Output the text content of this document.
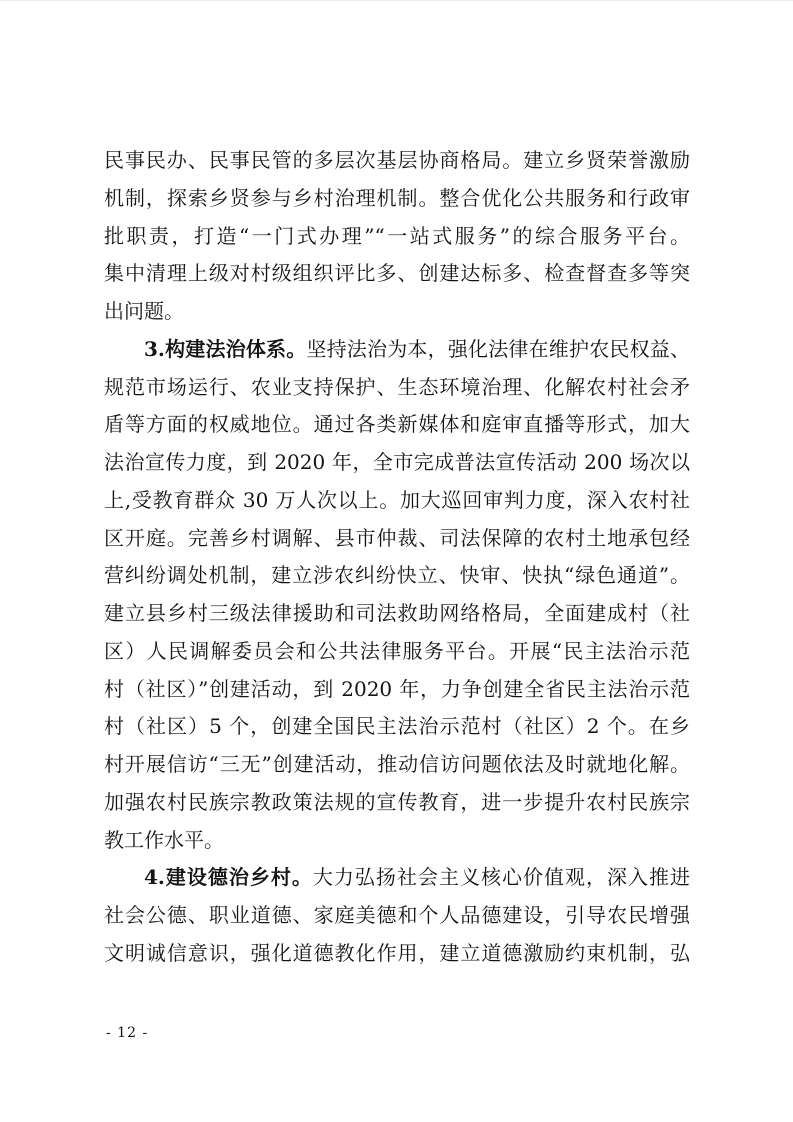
民事民办、民事民管的多层次基层协商格局。建立乡贤荣誉激励
机制，探索乡贤参与乡村治理机制。整合优化公共服务和行政审
批职责，打造“一门式办理”“一站式服务”的综合服务平台。
集中清理上级对村级组织评比多、创建达标多、检查督查多等突
出问题。
3.构建法治体系。坚持法治为本，强化法律在维护农民权益、
规范市场运行、农业支持保护、生态环境治理、化解农村社会矛
盾等方面的权威地位。通过各类新媒体和庭审直播等形式，加大
法治宣传力度，到 2020 年，全市完成普法宣传活动 200 场次以
上,受教育群众 30 万人次以上。加大巡回审判力度，深入农村社
区开庭。完善乡村调解、县市仲裁、司法保障的农村土地承包经
营纠纷调处机制，建立涉农纠纷快立、快审、快执“绿色通道”。
建立县乡村三级法律援助和司法救助网络格局，全面建成村（社
区）人民调解委员会和公共法律服务平台。开展“民主法治示范
村（社区）”创建活动，到 2020 年，力争创建全省民主法治示范
村（社区）5 个，创建全国民主法治示范村（社区）2 个。在乡
村开展信访“三无”创建活动，推动信访问题依法及时就地化解。
加强农村民族宗教政策法规的宣传教育，进一步提升农村民族宗
教工作水平。
4.建设德治乡村。大力弘扬社会主义核心价值观，深入推进
社会公德、职业道德、家庭美德和个人品德建设，引导农民增强
文明诚信意识，强化道德教化作用，建立道德激励约束机制，弘
- 12 -
